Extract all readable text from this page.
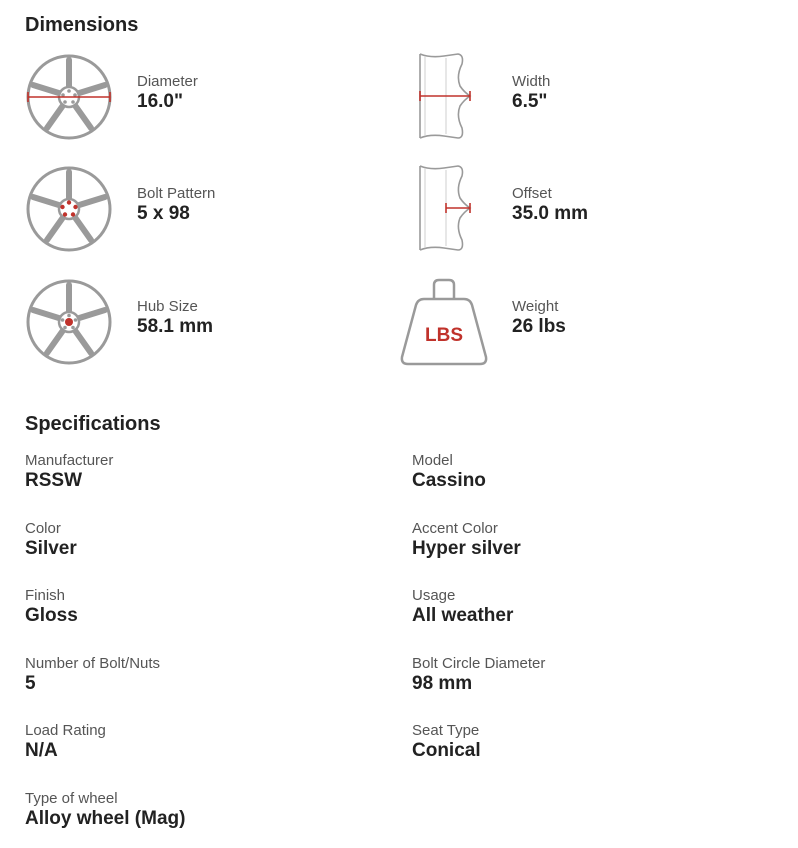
Dimensions
Diameter
16.0"
Width
6.5"
Bolt Pattern
5 x 98
Offset
35.0 mm
Hub Size
58.1 mm	LBS
Weight
26 lbs
Specifications
Manufacturer
RSSW
Model
Cassino
Color
Silver
Accent Color
Hyper silver
Finish
Gloss
Usage
All weather
Number of Bolt/Nuts
5
Bolt Circle Diameter
98 mm
Load Rating
N/A
Seat Type
Conical
Type of wheel
Alloy wheel (Mag)
